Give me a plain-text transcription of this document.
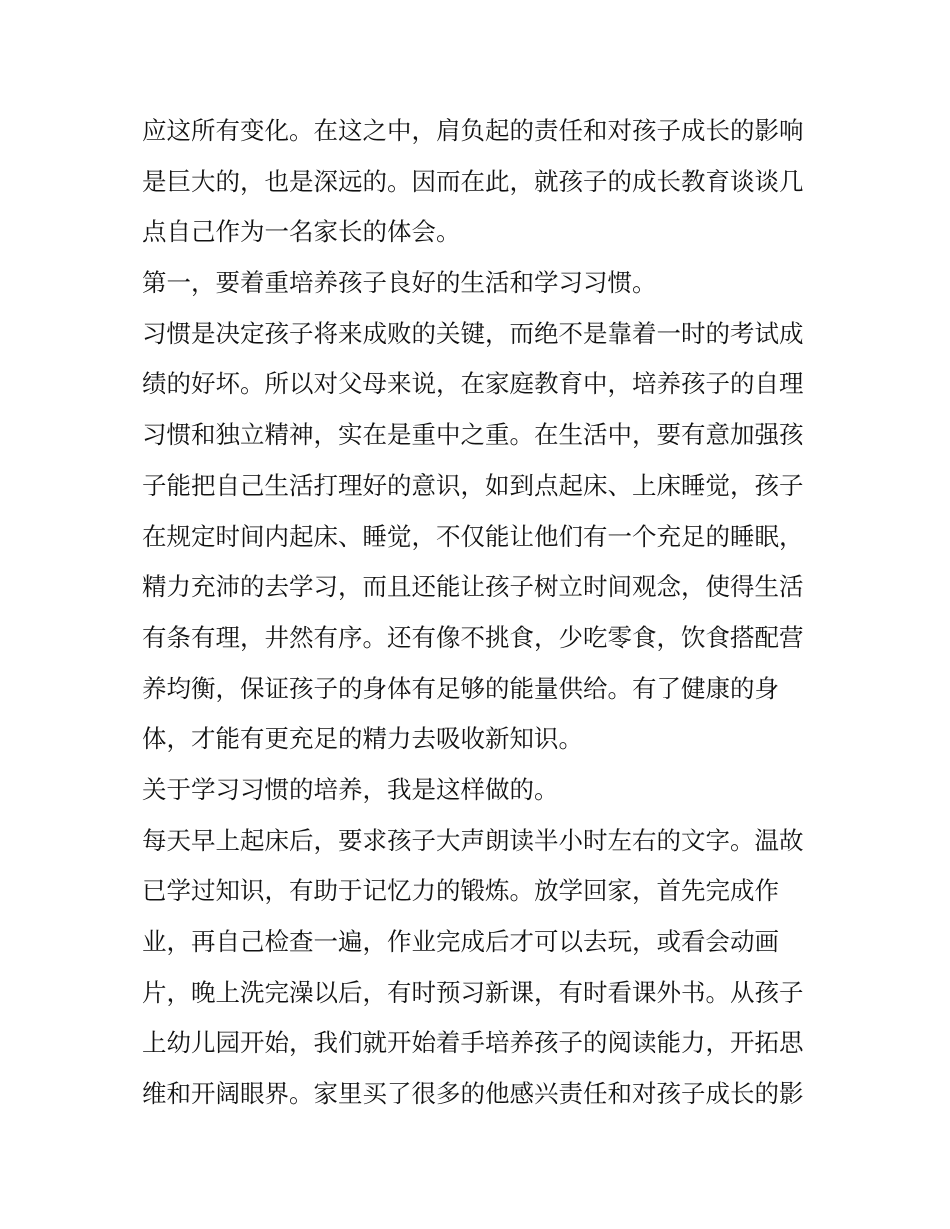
应这所有变化。在这之中，肩负起的责任和对孩子成长的影响
是巨大的，也是深远的。因而在此，就孩子的成长教育谈谈几
点自己作为一名家长的体会。
第一，要着重培养孩子良好的生活和学习习惯。
习惯是决定孩子将来成败的关键，而绝不是靠着一时的考试成
绩的好坏。所以对父母来说，在家庭教育中，培养孩子的自理
习惯和独立精神，实在是重中之重。在生活中，要有意加强孩
子能把自己生活打理好的意识，如到点起床、上床睡觉，孩子
在规定时间内起床、睡觉，不仅能让他们有一个充足的睡眠，
精力充沛的去学习，而且还能让孩子树立时间观念，使得生活
有条有理，井然有序。还有像不挑食，少吃零食，饮食搭配营
养均衡，保证孩子的身体有足够的能量供给。有了健康的身
体，才能有更充足的精力去吸收新知识。
关于学习习惯的培养，我是这样做的。
每天早上起床后，要求孩子大声朗读半小时左右的文字。温故
已学过知识，有助于记忆力的锻炼。放学回家，首先完成作
业，再自己检查一遍，作业完成后才可以去玩，或看会动画
片，晚上洗完澡以后，有时预习新课，有时看课外书。从孩子
上幼儿园开始，我们就开始着手培养孩子的阅读能力，开拓思
维和开阔眼界。家里买了很多的他感兴责任和对孩子成长的影
